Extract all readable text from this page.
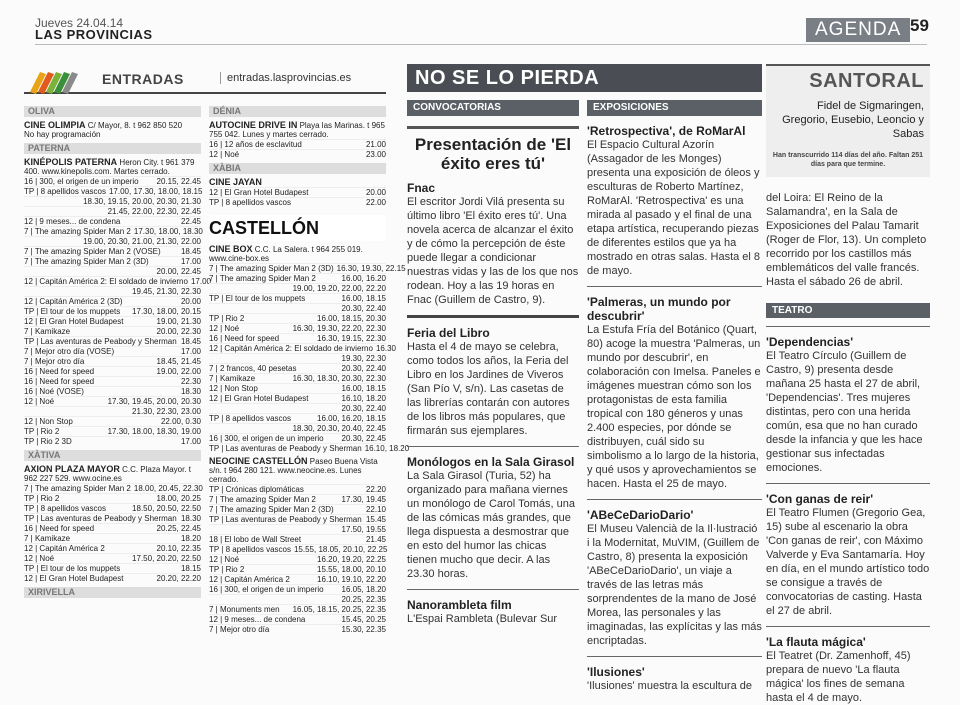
Jueves 24.04.14
LAS PROVINCIAS	AGENDA 59
ENTRADAS	entradas.lasprovincias.es
OLIVA
CINE OLIMPIA C/ Mayor, 8. t 962 850 520
No hay programación
PATERNA
KINÉPOLIS PATERNA Heron City. t 961 379 400. www.kinepolis.com. Martes cerrado.
16 | 300, el origen de un imperio	20.15, 22.45
TP | 8 apellidos vascos 17.00, 17.30, 18.00, 18.15
18.30, 19.15, 20.00, 20.30, 21.30
21.45, 22.00, 22.30, 22.45
12 | 9 meses... de condena	22.45
7 | The amazing Spider Man 2 17.30, 18.00, 18.30
19.00, 20.30, 21.00, 21.30, 22.00
7 | The amazing Spider Man 2 (VOSE)	18.45
7 | The amazing Spider Man 2 (3D)	17.00
20.00, 22.45
12 | Capitán América 2: El soldado de invierno 17.00
19.45, 21.30, 22.30
12 | Capitán América 2 (3D)	20.00
TP | El tour de los muppets	17.30, 18.00, 20.15
12 | El Gran Hotel Budapest	19.00, 21.30
7 | Kamikaze	20.00, 22.30
TP | Las aventuras de Peabody y Sherman 18.45
7 | Mejor otro día (VOSE)	17.00
7 | Mejor otro día	18.45, 21.45
16 | Need for speed	19.00, 22.00
16 | Need for speed	22.30
16 | Noé (VOSE)	18.30
12 | Noé	17.30, 19.45, 20.00, 20.30
21.30, 22.30, 23.00
12 | Non Stop	22.00, 0.30
TP | Rio 2	17.30, 18.00, 18.30, 19.00
TP | Rio 2 3D	17.00
XÀTIVA
AXION PLAZA MAYOR C.C. Plaza Mayor. t 962 227 529. www.ocine.es
7 | The amazing Spider Man 2 18.00, 20.45, 22.30
TP | Rio 2	18.00, 20.25
TP | 8 apellidos vascos	18.50, 20.50, 22.50
TP | Las aventuras de Peabody y Sherman 18.30
16 | Need for speed	20.25, 22.45
7 | Kamikaze	18.20
12 | Capitán América 2	20.10, 22.35
12 | Noé	17.50, 20.20, 22.50
TP | El tour de los muppets	18.15
12 | El Gran Hotel Budapest	20.20, 22.20
XIRIVELLA
DÉNIA
AUTOCINE DRIVE IN Playa las Marinas. t 965 755 042. Lunes y martes cerrado.
16 | 12 años de esclavitud	21.00
12 | Noé	23.00
XÀBIA
CINE JAYAN
12 | El Gran Hotel Budapest	20.00
TP | 8 apellidos vascos	22.00
CASTELLÓN
CINE BOX C.C. La Salera. t 964 255 019. www.cine-box.es
7 | The amazing Spider Man 2 (3D) 16.30, 19.30, 22.15
7 | The amazing Spider Man 2	16.00, 16.20
19.00, 19.20, 22.00, 22.20
TP | El tour de los muppets	16.00, 18.15
20.30, 22.40
TP | Rio 2	16.00, 18.15, 20.30
12 | Noé	16.30, 19.30, 22.20, 22.30
16 | Need for speed	16.30, 19.15, 22.30
12 | Capitán América 2: El soldado de invierno 16.30
19.30, 22.30
7 | 2 francos, 40 pesetas	20.30, 22.40
7 | Kamikaze	16.30, 18.30, 20.30, 22.30
12 | Non Stop	16.00, 18.15
12 | El Gran Hotel Budapest	16.10, 18.20
20.30, 22.40
TP | 8 apellidos vascos	16.00, 16.20, 18.15
18.30, 20.30, 20.40, 22.45
16 | 300, el origen de un imperio	20.30, 22.45
TP | Las aventuras de Peabody y Sherman 16.10, 18.20
NEOCINE CASTELLÓN Paseo Buena Vista s/n. t 964 280 121. www.neocine.es. Lunes cerrado.
TP | Crónicas diplomáticas	22.20
7 | The amazing Spider Man 2	17.30, 19.45
7 | The amazing Spider Man 2 (3D)	22.10
TP | Las aventuras de Peabody y Sherman 15.45
17.50, 19.55
18 | El lobo de Wall Street	21.45
TP | 8 apellidos vascos 15.55, 18.05, 20.10, 22.25
12 | Noé	16.20, 19.20, 22.25
TP | Rio 2	15.55, 18.00, 20.10
12 | Capitán América 2	16.10, 19.10, 22.20
16 | 300, el origen de un imperio	16.05, 18.20
20.25, 22.35
7 | Monuments men	16.05, 18.15, 20.25, 22.35
12 | 9 meses... de condena	15.45, 20.25
7 | Mejor otro día	15.30, 22.35
NO SE LO PIERDA
CONVOCATORIAS
Presentación de 'El éxito eres tú'
Fnac
El escritor Jordi Vilá presenta su último libro 'El éxito eres tú'. Una novela acerca de alcanzar el éxito y de cómo la percepción de éste puede llegar a condicionar nuestras vidas y las de los que nos rodean. Hoy a las 19 horas en Fnac (Guillem de Castro, 9).
Feria del Libro
Hasta el 4 de mayo se celebra, como todos los años, la Feria del Libro en los Jardines de Viveros (San Pío V, s/n). Las casetas de las librerías contarán con autores de los libros más populares, que firmarán sus ejemplares.
Monólogos en la Sala Girasol
La Sala Girasol (Turia, 52) ha organizado para mañana viernes un monólogo de Carol Tomás, una de las cómicas más grandes, que llega dispuesta a desmostrar que en esto del humor las chicas tienen mucho que decir. A las 23.30 horas.
Nanorambleta film
L'Espai Rambleta (Bulevar Sur
EXPOSICIONES
'Retrospectiva', de RoMarAl
El Espacio Cultural Azorín (Assagador de les Monges) presenta una exposición de óleos y esculturas de Roberto Martínez, RoMarAl. 'Retrospectiva' es una mirada al pasado y el final de una etapa artística, recuperando piezas de diferentes estilos que ya ha mostrado en otras salas. Hasta el 8 de mayo.
'Palmeras, un mundo por descubrir'
La Estufa Fría del Botánico (Quart, 80) acoge la muestra 'Palmeras, un mundo por descubrir', en colaboración con Imelsa. Paneles e imágenes muestran cómo son los protagonistas de esta familia tropical con 180 géneros y unas 2.400 especies, por dónde se distribuyen, cuál sido su simbolismo a lo largo de la historia, y qué usos y aprovechamientos se hacen. Hasta el 25 de mayo.
'ABeCeDarioDario'
El Museu Valencià de la Il·lustració i la Modernitat, MuVIM, (Guillem de Castro, 8) presenta la exposición 'ABeCeDarioDario', un viaje a través de las letras más sorprendentes de la mano de José Morea, las personales y las imaginadas, las explícitas y las más encriptadas.
'Ilusiones'
'Ilusiones' muestra la escultura de
SANTORAL
Fidel de Sigmaringen, Gregorio, Eusebio, Leoncio y Sabas
Han transcurrido 114 días del año. Faltan 251 días para que termine.
del Loira: El Reino de la Salamandra', en la Sala de Exposiciones del Palau Tamarit (Roger de Flor, 13). Un completo recorrido por los castillos más emblemáticos del valle francés. Hasta el sábado 26 de abril.
TEATRO
'Dependencias'
El Teatro Círculo (Guillem de Castro, 9) presenta desde mañana 25 hasta el 27 de abril, 'Dependencias'. Tres mujeres distintas, pero con una herida común, esa que no han curado desde la infancia y que les hace gestionar sus infectadas emociones.
'Con ganas de reir'
El Teatro Flumen (Gregorio Gea, 15) sube al escenario la obra 'Con ganas de reir', con Máximo Valverde y Eva Santamaría. Hoy en día, en el mundo artístico todo se consigue a través de convocatorias de casting. Hasta el 27 de abril.
'La flauta mágica'
El Teatret (Dr. Zamenhoff, 45) prepara de nuevo 'La flauta mágica' los fines de semana hasta el 4 de mayo.
